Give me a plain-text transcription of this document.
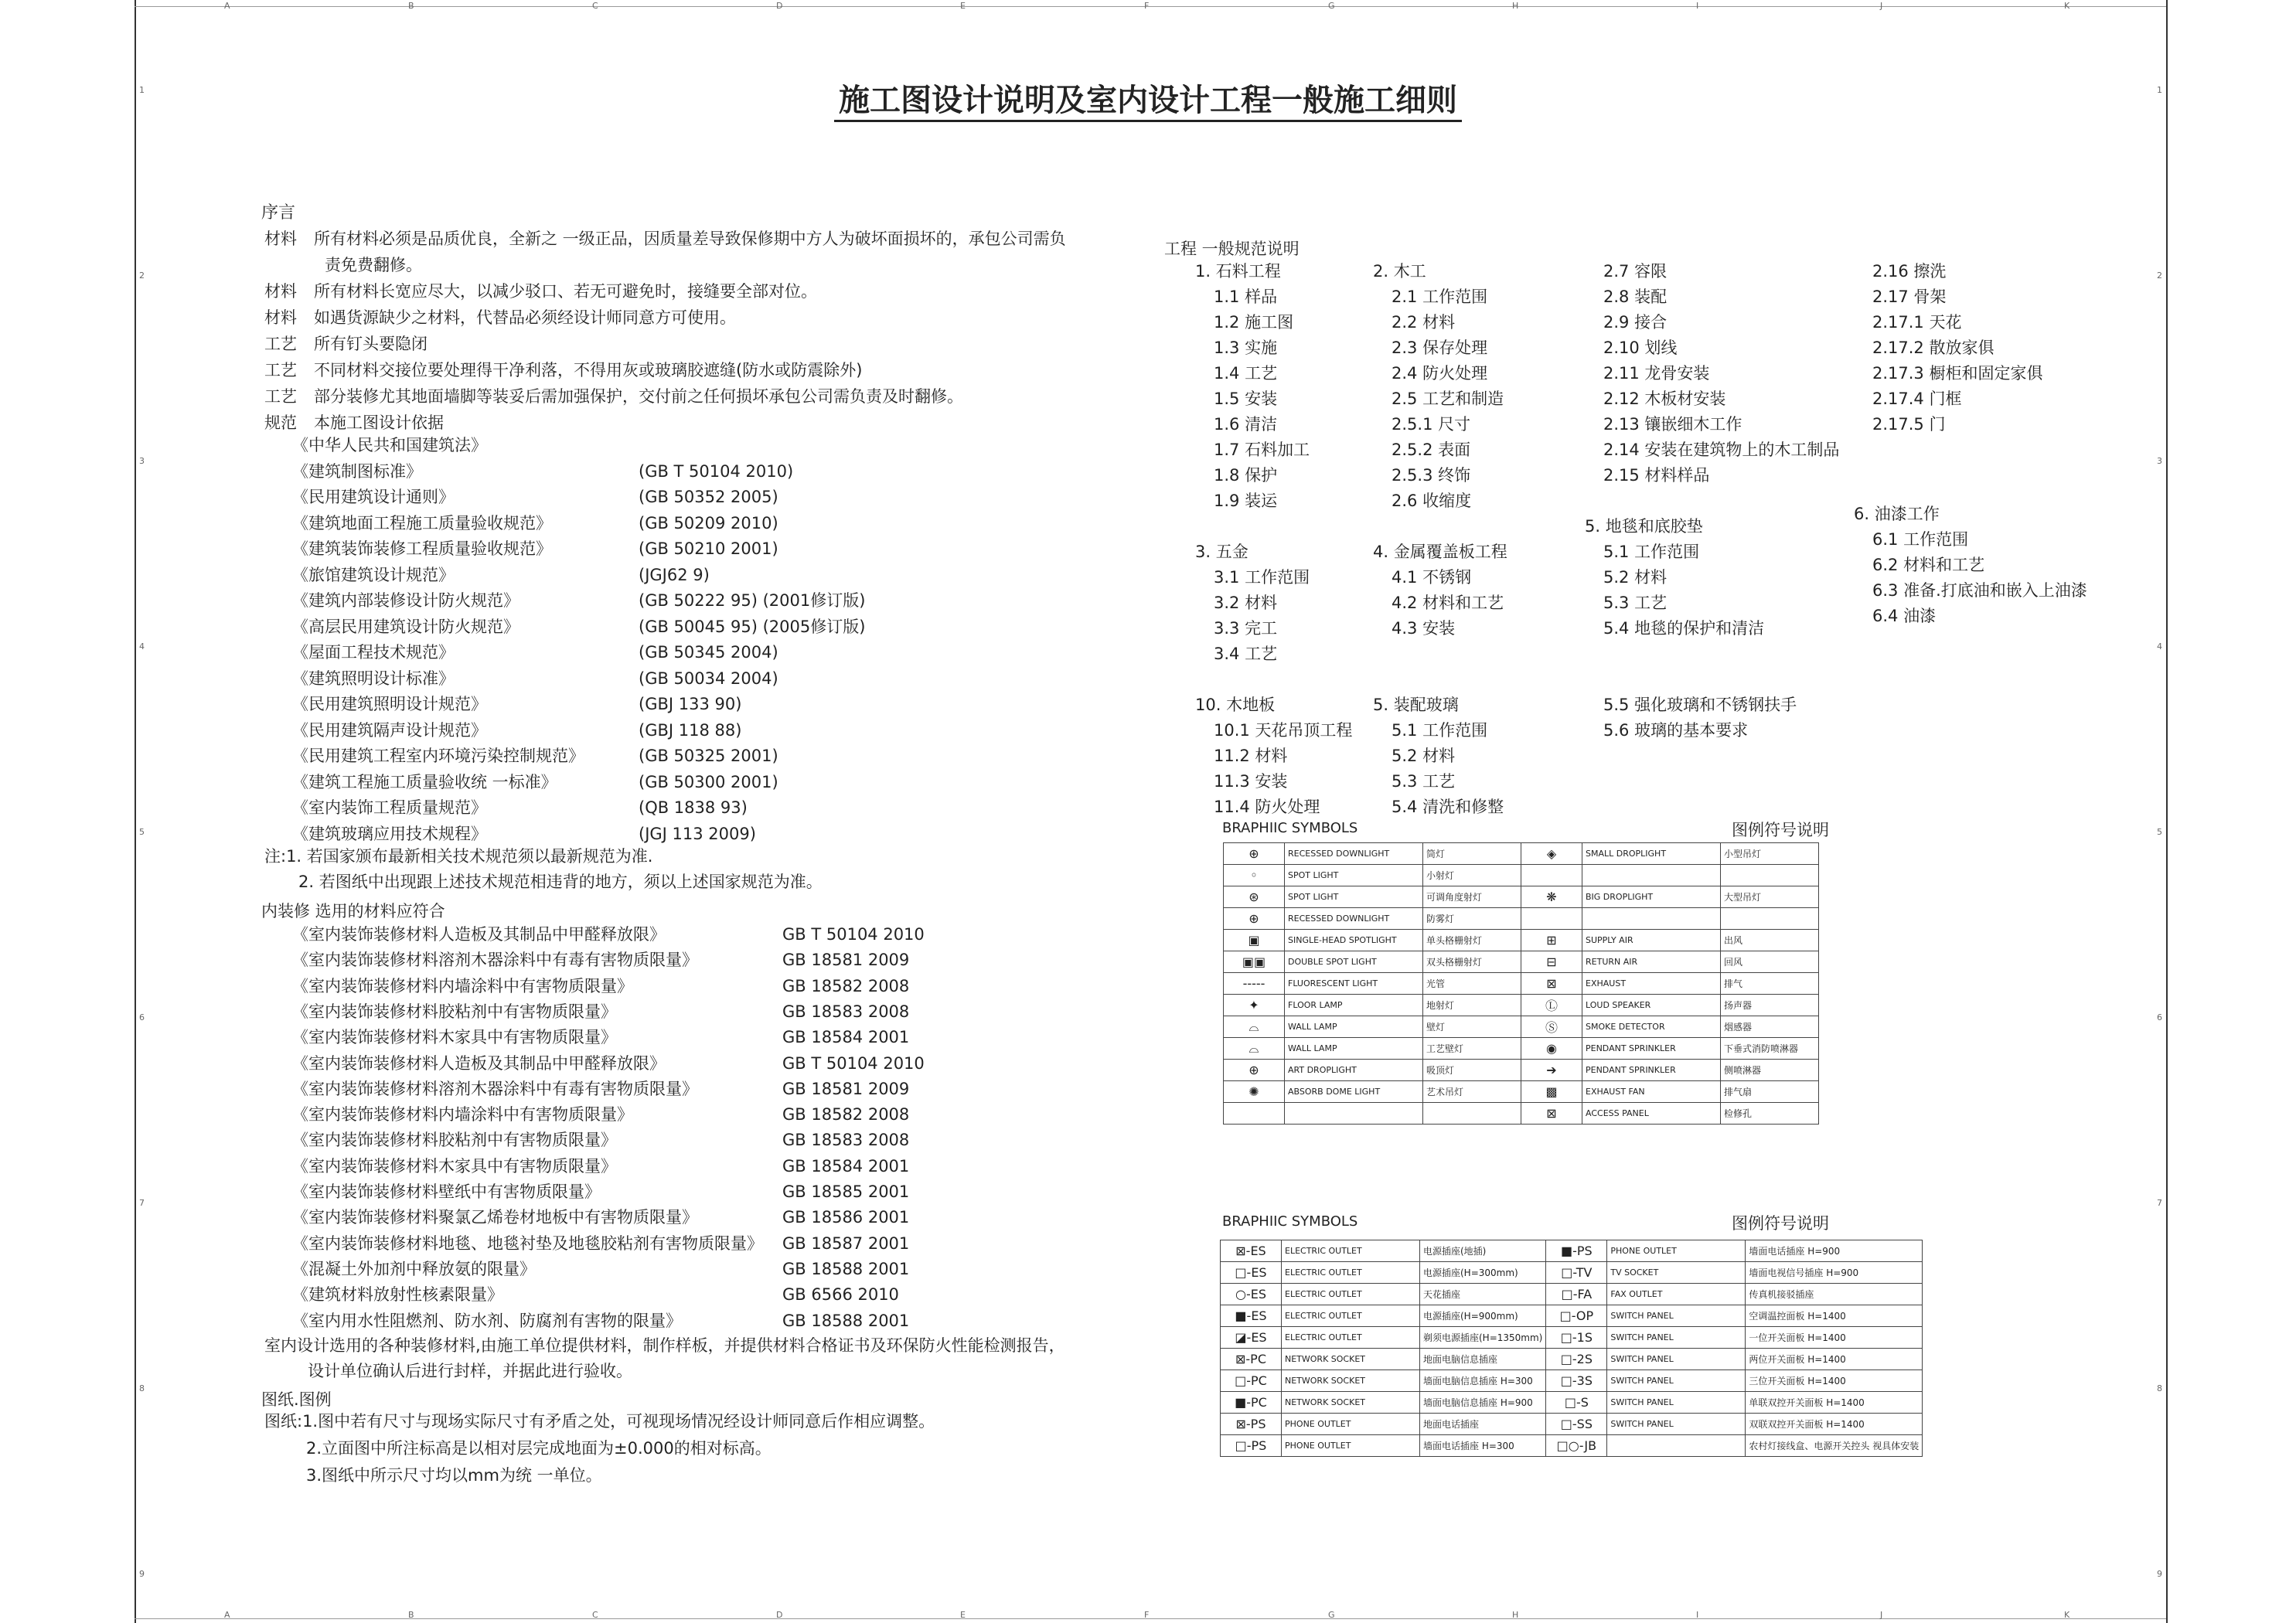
A
A
B
B
C
C
D
D
E
E
F
F
G
G
H
H
I
I
J
J
K
K
1	1
2	2
3	3
4	4
5	5
6	6
7	7
8	8
9	9
施工图设计说明及室内设计工程一般施工细则
序言
材料 所有材料必须是品质优良，全新之 一级正品，因质量差导致保修期中方人为破坏面损坏的，承包公司需负
责免费翻修。
材料 所有材料长宽应尽大，以减少驳口、若无可避免时，接缝要全部对位。
材料 如遇货源缺少之材料，代替品必须经设计师同意方可使用。
工艺 所有钉头要隐闭
工艺 不同材料交接位要处理得干净利落，不得用灰或玻璃胶遮缝(防水或防震除外)
工艺 部分装修尤其地面墙脚等装妥后需加强保护，交付前之任何损坏承包公司需负责及时翻修。
规范 本施工图设计依据
《中华人民共和国建筑法》
《建筑制图标准》	(GB T 50104 2010)
《民用建筑设计通则》	(GB 50352 2005)
《建筑地面工程施工质量验收规范》	(GB 50209 2010)
《建筑装饰装修工程质量验收规范》	(GB 50210 2001)
《旅馆建筑设计规范》	(JGJ62 9)
《建筑内部装修设计防火规范》	(GB 50222 95) (2001修订版)
《高层民用建筑设计防火规范》	(GB 50045 95) (2005修订版)
《屋面工程技术规范》	(GB 50345 2004)
《建筑照明设计标准》	(GB 50034 2004)
《民用建筑照明设计规范》	(GBJ 133 90)
《民用建筑隔声设计规范》	(GBJ 118 88)
《民用建筑工程室内环境污染控制规范》	(GB 50325 2001)
《建筑工程施工质量验收统 一标准》	(GB 50300 2001)
《室内装饰工程质量规范》	(QB 1838 93)
《建筑玻璃应用技术规程》	(JGJ 113 2009)
注:1. 若国家颁布最新相关技术规范须以最新规范为准.
2. 若图纸中出现跟上述技术规范相违背的地方，须以上述国家规范为准。
内装修 选用的材料应符合
《室内装饰装修材料人造板及其制品中甲醛释放限》	GB T 50104 2010
《室内装饰装修材料溶剂木器涂料中有毒有害物质限量》	GB 18581 2009
《室内装饰装修材料内墙涂料中有害物质限量》	GB 18582 2008
《室内装饰装修材料胶粘剂中有害物质限量》	GB 18583 2008
《室内装饰装修材料木家具中有害物质限量》	GB 18584 2001
《室内装饰装修材料人造板及其制品中甲醛释放限》	GB T 50104 2010
《室内装饰装修材料溶剂木器涂料中有毒有害物质限量》	GB 18581 2009
《室内装饰装修材料内墙涂料中有害物质限量》	GB 18582 2008
《室内装饰装修材料胶粘剂中有害物质限量》	GB 18583 2008
《室内装饰装修材料木家具中有害物质限量》	GB 18584 2001
《室内装饰装修材料壁纸中有害物质限量》	GB 18585 2001
《室内装饰装修材料聚氯乙烯卷材地板中有害物质限量》	GB 18586 2001
《室内装饰装修材料地毯、地毯衬垫及地毯胶粘剂有害物质限量》 GB 18587 2001
《混凝土外加剂中释放氨的限量》	GB 18588 2001
《建筑材料放射性核素限量》	GB 6566 2010
《室内用水性阻燃剂、防水剂、防腐剂有害物的限量》	GB 18588 2001
室内设计选用的各种装修材料,由施工单位提供材料，制作样板，并提供材料合格证书及环保防火性能检测报告，
设计单位确认后进行封样，并据此进行验收。
图纸.图例
图纸:1.图中若有尺寸与现场实际尺寸有矛盾之处，可视现场情况经设计师同意后作相应调整。
2.立面图中所注标高是以相对层完成地面为±0.000的相对标高。
3.图纸中所示尺寸均以mm为统 一单位。
工程 一般规范说明
1. 石料工程
1.1 样品
1.2 施工图
1.3 实施
1.4 工艺
1.5 安装
1.6 清洁
1.7 石料加工
1.8 保护
1.9 装运
3. 五金
3.1 工作范围
3.2 材料
3.3 完工
3.4 工艺
10. 木地板
10.1 天花吊顶工程
11.2 材料
11.3 安装
11.4 防火处理
2. 木工
2.1 工作范围
2.2 材料
2.3 保存处理
2.4 防火处理
2.5 工艺和制造
2.5.1 尺寸
2.5.2 表面
2.5.3 终饰
2.6 收缩度
4. 金属覆盖板工程
4.1 不锈钢
4.2 材料和工艺
4.3 安装
5. 装配玻璃
5.1 工作范围
5.2 材料
5.3 工艺
5.4 清洗和修整
2.7 容限
2.8 装配
2.9 接合
2.10 划线
2.11 龙骨安装
2.12 木板材安装
2.13 镶嵌细木工作
2.14 安装在建筑物上的木工制品
2.15 材料样品
5. 地毯和底胶垫
5.1 工作范围
5.2 材料
5.3 工艺
5.4 地毯的保护和清洁
5.5 强化玻璃和不锈钢扶手
5.6 玻璃的基本要求
2.16 擦洗
2.17 骨架
2.17.1 天花
2.17.2 散放家俱
2.17.3 橱柜和固定家俱
2.17.4 门框
2.17.5 门
6. 油漆工作
6.1 工作范围
6.2 材料和工艺
6.3 准备.打底油和嵌入上油漆
6.4 油漆
BRAPHIIC SYMBOLS	图例符号说明
⊕	RECESSED DOWNLIGHT	筒灯	◈	SMALL DROPLIGHT	小型吊灯
◦	SPOT LIGHT	小射灯			
⊛	SPOT LIGHT	可调角度射灯	❋	BIG DROPLIGHT	大型吊灯
⊕	RECESSED DOWNLIGHT	防雾灯			
▣	SINGLE-HEAD SPOTLIGHT	单头格栅射灯	⊞	SUPPLY AIR	出风
▣▣	DOUBLE SPOT LIGHT	双头格栅射灯	⊟	RETURN AIR	回风
-----	FLUORESCENT LIGHT	光管	⊠	EXHAUST	排气
✦	FLOOR LAMP	地射灯	Ⓛ	LOUD SPEAKER	扬声器
⌓	WALL LAMP	壁灯	Ⓢ	SMOKE DETECTOR	烟感器
⌓	WALL LAMP	工艺壁灯	◉	PENDANT SPRINKLER	下垂式消防喷淋器
⊕	ART DROPLIGHT	吸顶灯	➔	PENDANT SPRINKLER	侧喷淋器
✺	ABSORB DOME LIGHT	艺术吊灯	▩	EXHAUST FAN	排气扇
			⊠	ACCESS PANEL	检修孔
BRAPHIIC SYMBOLS	图例符号说明
⊠-ES	ELECTRIC OUTLET	电源插座(地插)	■-PS	PHONE OUTLET	墙面电话插座 H=900
□-ES	ELECTRIC OUTLET	电源插座(H=300mm)	□-TV	TV SOCKET	墙面电视信号插座 H=900
○-ES	ELECTRIC OUTLET	天花插座	□-FA	FAX OUTLET	传真机接驳插座
■-ES	ELECTRIC OUTLET	电源插座(H=900mm)	□-OP	SWITCH PANEL	空调温控面板 H=1400
◪-ES	ELECTRIC OUTLET	剃须电源插座(H=1350mm)	□-1S	SWITCH PANEL	一位开关面板 H=1400
⊠-PC	NETWORK SOCKET	地面电脑信息插座	□-2S	SWITCH PANEL	两位开关面板 H=1400
□-PC	NETWORK SOCKET	墙面电脑信息插座 H=300	□-3S	SWITCH PANEL	三位开关面板 H=1400
■-PC	NETWORK SOCKET	墙面电脑信息插座 H=900	□-S	SWITCH PANEL	单联双控开关面板 H=1400
⊠-PS	PHONE OUTLET	地面电话插座	□-SS	SWITCH PANEL	双联双控开关面板 H=1400
□-PS	PHONE OUTLET	墙面电话插座 H=300	□○-JB		农村灯接线盒、电源开关控头 视具体安装
